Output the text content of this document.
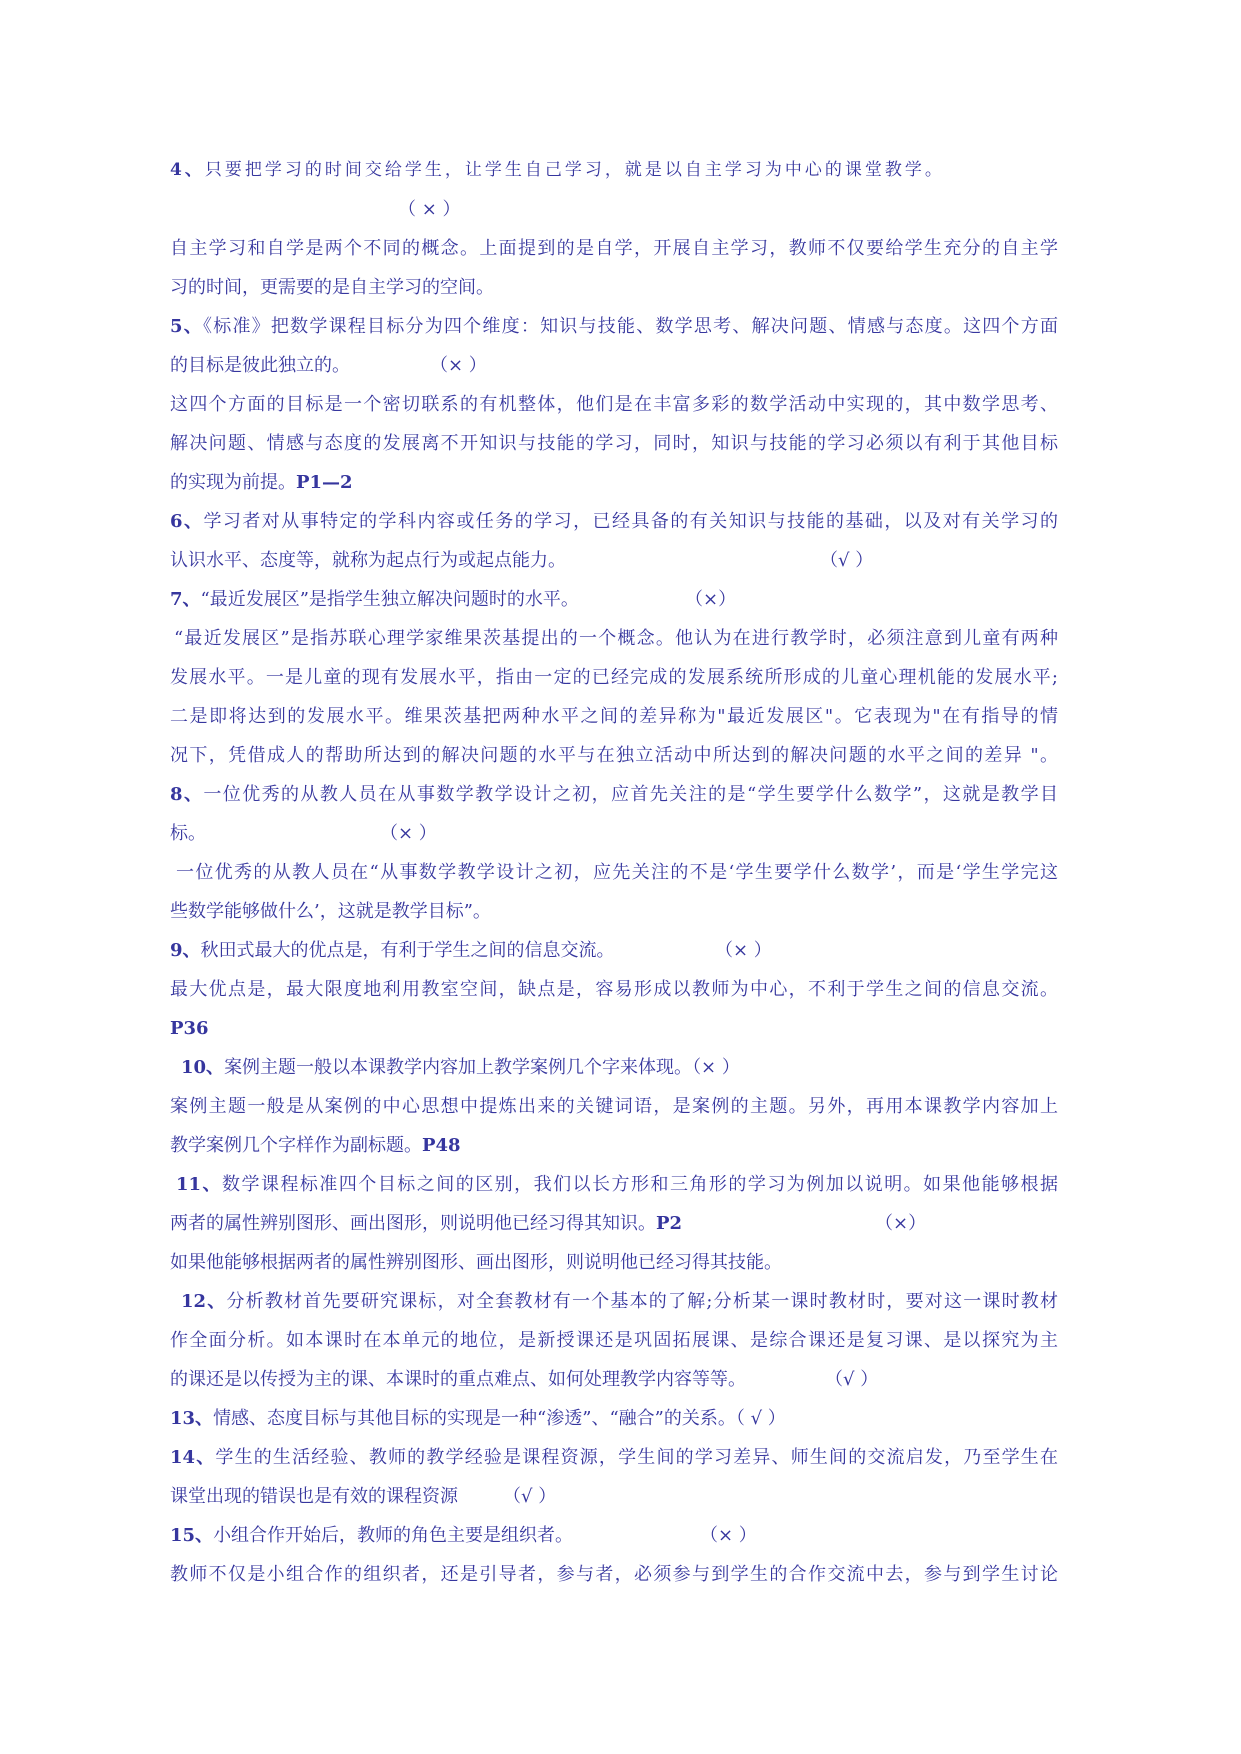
4、只要把学习的时间交给学生，让学生自己学习，就是以自主学习为中心的课堂教学。
（ × ）
自主学习和自学是两个不同的概念。上面提到的是自学，开展自主学习，教师不仅要给学生充分的自主学
习的时间，更需要的是自主学习的空间。
5、《标准》把数学课程目标分为四个维度：知识与技能、数学思考、解决问题、情感与态度。这四个方面
的目标是彼此独立的。	（× ）
这四个方面的目标是一个密切联系的有机整体，他们是在丰富多彩的数学活动中实现的，其中数学思考、
解决问题、情感与态度的发展离不开知识与技能的学习，同时，知识与技能的学习必须以有利于其他目标
的实现为前提。P1—2
6、学习者对从事特定的学科内容或任务的学习，已经具备的有关知识与技能的基础，以及对有关学习的
认识水平、态度等，就称为起点行为或起点能力。	（√ ）
7、“最近发展区”是指学生独立解决问题时的水平。	（×）
“最近发展区”是指苏联心理学家维果茨基提出的一个概念。他认为在进行教学时，必须注意到儿童有两种
发展水平。一是儿童的现有发展水平，指由一定的已经完成的发展系统所形成的儿童心理机能的发展水平;
二是即将达到的发展水平。维果茨基把两种水平之间的差异称为"最近发展区"。它表现为"在有指导的情
况下，凭借成人的帮助所达到的解决问题的水平与在独立活动中所达到的解决问题的水平之间的差异 "。
8、一位优秀的从教人员在从事数学教学设计之初，应首先关注的是“学生要学什么数学”，这就是教学目
标。	（× ）
一位优秀的从教人员在“从事数学教学设计之初，应先关注的不是‘学生要学什么数学’，而是‘学生学完这
些数学能够做什么’，这就是教学目标”。
9、秋田式最大的优点是，有利于学生之间的信息交流。	（× ）
最大优点是，最大限度地利用教室空间，缺点是，容易形成以教师为中心，不利于学生之间的信息交流。
P36
10、案例主题一般以本课教学内容加上教学案例几个字来体现。（× ）
案例主题一般是从案例的中心思想中提炼出来的关键词语，是案例的主题。另外，再用本课教学内容加上
教学案例几个字样作为副标题。P48
11、数学课程标准四个目标之间的区别，我们以长方形和三角形的学习为例加以说明。如果他能够根据
两者的属性辨别图形、画出图形，则说明他已经习得其知识。P2	（×）
如果他能够根据两者的属性辨别图形、画出图形，则说明他已经习得其技能。
12、分析教材首先要研究课标，对全套教材有一个基本的了解;分析某一课时教材时，要对这一课时教材
作全面分析。如本课时在本单元的地位，是新授课还是巩固拓展课、是综合课还是复习课、是以探究为主
的课还是以传授为主的课、本课时的重点难点、如何处理教学内容等等。	（√ ）
13、情感、态度目标与其他目标的实现是一种“渗透”、“融合”的关系。（ √ ）
14、学生的生活经验、教师的教学经验是课程资源，学生间的学习差异、师生间的交流启发，乃至学生在
课堂出现的错误也是有效的课程资源	（√ ）
15、小组合作开始后，教师的角色主要是组织者。	（× ）
教师不仅是小组合作的组织者，还是引导者，参与者，必须参与到学生的合作交流中去，参与到学生讨论
